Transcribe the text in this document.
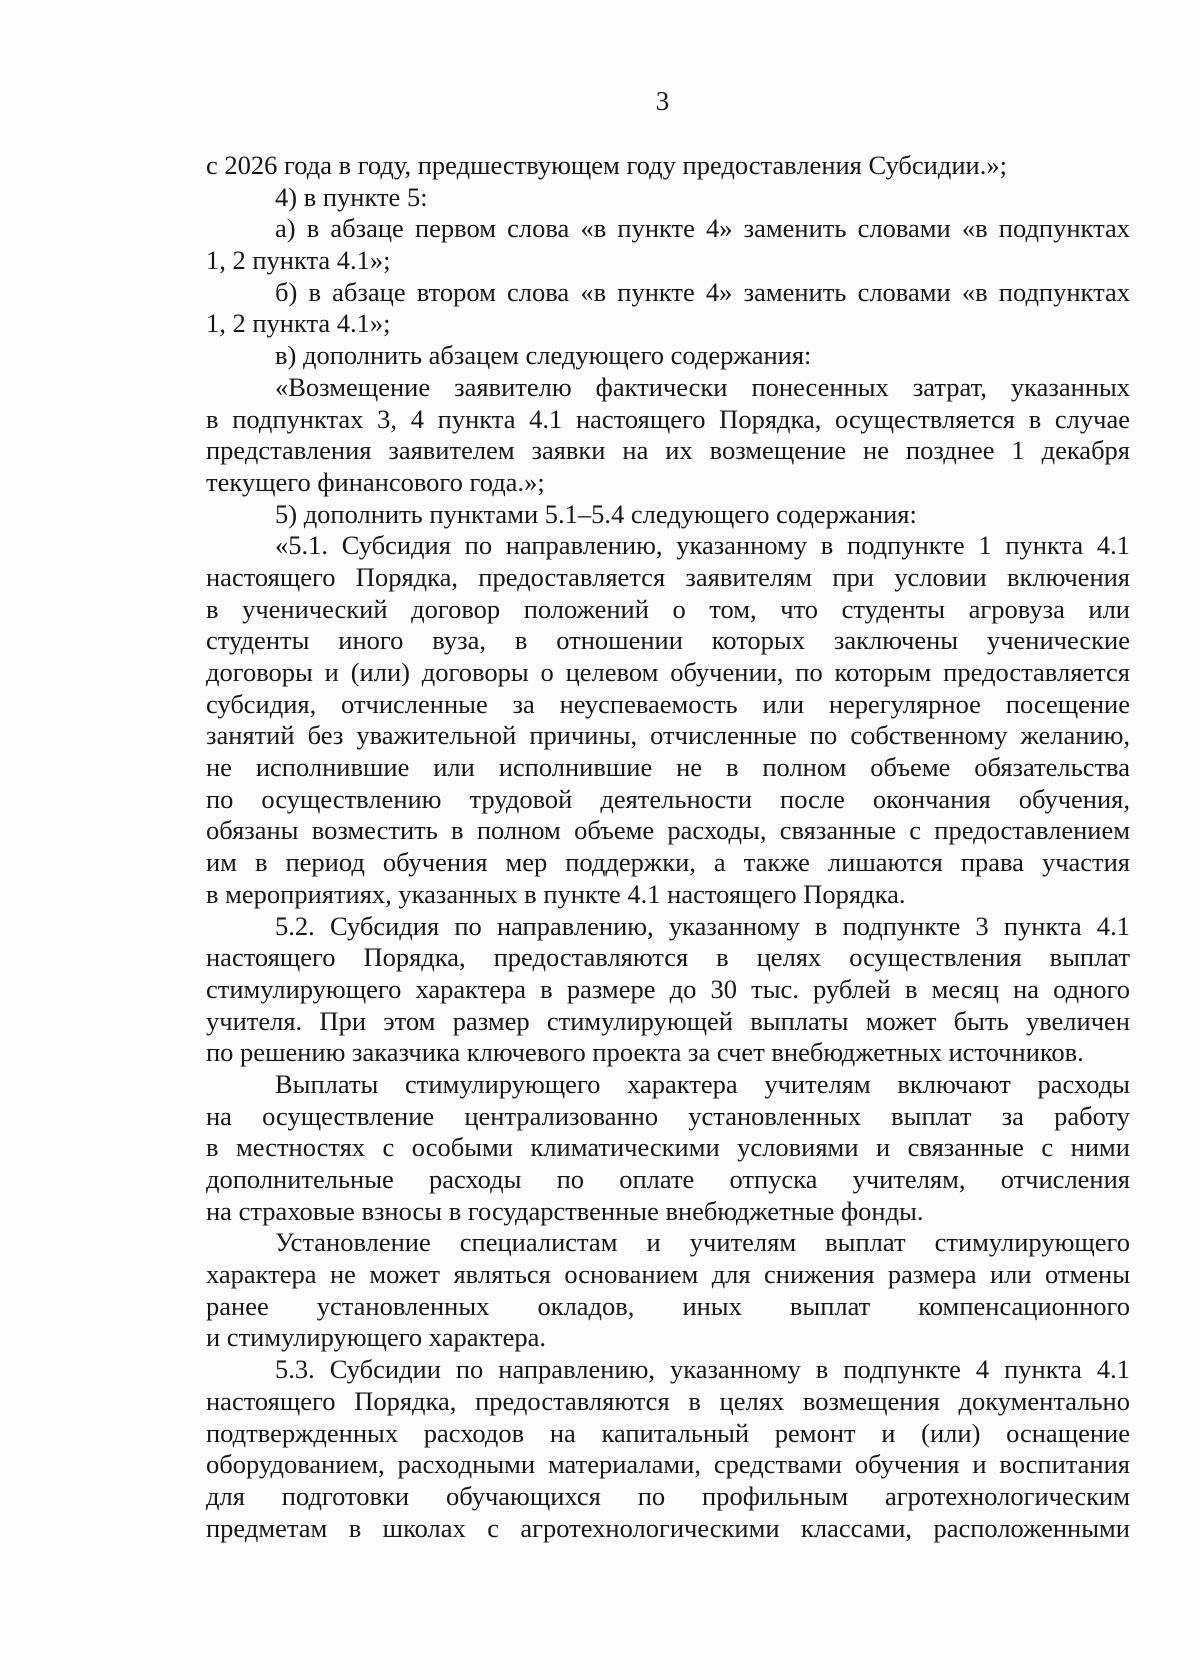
3
с 2026 года в году, предшествующем году предоставления Субсидии.»;
4) в пункте 5:
а) в абзаце первом слова «в пункте 4» заменить словами «в подпунктах
1, 2 пункта 4.1»;
б) в абзаце втором слова «в пункте 4» заменить словами «в подпунктах
1, 2 пункта 4.1»;
в) дополнить абзацем следующего содержания:
«Возмещение заявителю фактически понесенных затрат, указанных
в подпунктах 3, 4 пункта 4.1 настоящего Порядка, осуществляется в случае
представления заявителем заявки на их возмещение не позднее 1 декабря
текущего финансового года.»;
5) дополнить пунктами 5.1–5.4 следующего содержания:
«5.1. Субсидия по направлению, указанному в подпункте 1 пункта 4.1
настоящего Порядка, предоставляется заявителям при условии включения
в ученический договор положений о том, что студенты агровуза или
студенты иного вуза, в отношении которых заключены ученические
договоры и (или) договоры о целевом обучении, по которым предоставляется
субсидия, отчисленные за неуспеваемость или нерегулярное посещение
занятий без уважительной причины, отчисленные по собственному желанию,
не исполнившие или исполнившие не в полном объеме обязательства
по осуществлению трудовой деятельности после окончания обучения,
обязаны возместить в полном объеме расходы, связанные с предоставлением
им в период обучения мер поддержки, а также лишаются права участия
в мероприятиях, указанных в пункте 4.1 настоящего Порядка.
5.2. Субсидия по направлению, указанному в подпункте 3 пункта 4.1
настоящего Порядка, предоставляются в целях осуществления выплат
стимулирующего характера в размере до 30 тыс. рублей в месяц на одного
учителя. При этом размер стимулирующей выплаты может быть увеличен
по решению заказчика ключевого проекта за счет внебюджетных источников.
Выплаты стимулирующего характера учителям включают расходы
на осуществление централизованно установленных выплат за работу
в местностях с особыми климатическими условиями и связанные с ними
дополнительные расходы по оплате отпуска учителям, отчисления
на страховые взносы в государственные внебюджетные фонды.
Установление специалистам и учителям выплат стимулирующего
характера не может являться основанием для снижения размера или отмены
ранее установленных окладов, иных выплат компенсационного
и стимулирующего характера.
5.3. Субсидии по направлению, указанному в подпункте 4 пункта 4.1
настоящего Порядка, предоставляются в целях возмещения документально
подтвержденных расходов на капитальный ремонт и (или) оснащение
оборудованием, расходными материалами, средствами обучения и воспитания
для подготовки обучающихся по профильным агротехнологическим
предметам в школах с агротехнологическими классами, расположенными
